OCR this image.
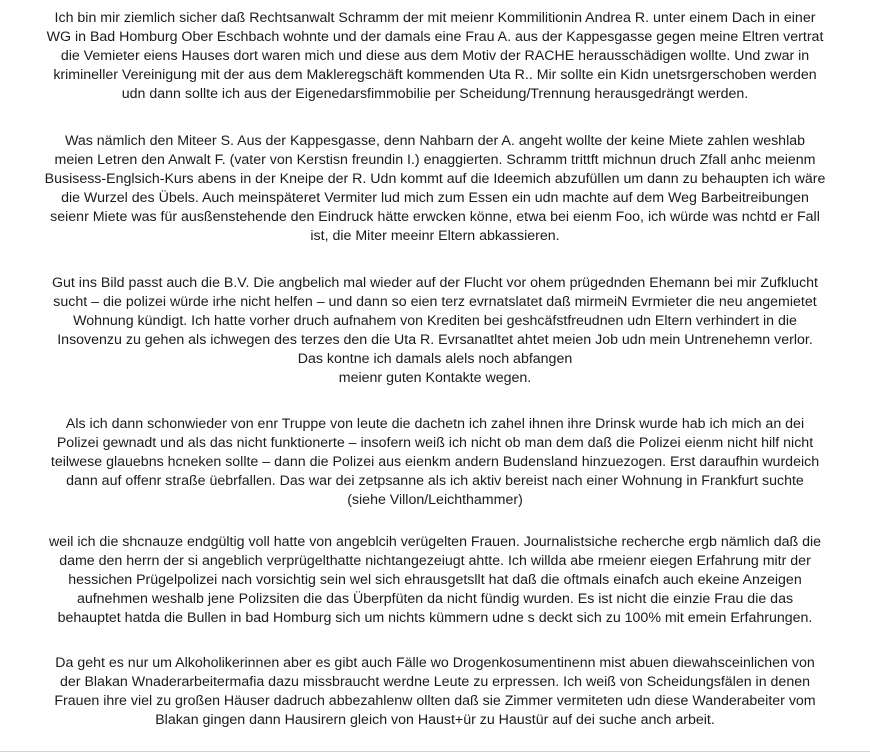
Ich bin mir ziemlich sicher daß Rechtsanwalt Schramm der mit meienr Kommilitionin Andrea R. unter einem Dach in einer
WG in Bad Homburg Ober Eschbach wohnte und der damals eine Frau A. aus der Kappesgasse gegen meine Eltren vertrat
die Vemieter eiens Hauses dort waren mich und diese aus dem Motiv der RACHE herausschädigen wollte. Und zwar in
krimineller Vereinigung mit der aus dem Makleregschäft kommenden Uta R.. Mir sollte ein Kidn unetsrgerschoben werden
udn dann sollte ich aus der Eigenedarsfimmobilie per Scheidung/Trennung herausgedrängt werden.
Was nämlich den Miteer S. Aus der Kappesgasse, denn Nahbarn der A. angeht wollte der keine Miete zahlen weshlab
meien Letren den Anwalt F. (vater von Kerstisn freundin I.) enaggierten. Schramm trittft michnun druch Zfall anhc meienm
Busisess-Englsich-Kurs abens in der Kneipe der R. Udn kommt auf die Ideemich abzufüllen um dann zu behaupten ich wäre
die Wurzel des Übels. Auch meinspäteret Vermiter lud mich zum Essen ein udn machte auf dem Weg Barbeitreibungen
seienr Miete was für ausßenstehende den Eindruck hätte erwcken könne, etwa bei eienm Foo, ich würde was nchtd er Fall
ist, die Miter meeinr Eltern abkassieren.
Gut ins Bild passt auch die B.V. Die angbelich mal wieder auf der Flucht vor ohem prügednden Ehemann bei mir Zufklucht
sucht – die polizei würde irhe nicht helfen – und dann so eien terz evrnatslatet daß mirmeiN Evrmieter die neu angemietet
Wohnung kündigt. Ich hatte vorher druch aufnahem von Krediten bei geshcäfstfreudnen udn Eltern verhindert in die
Insovenzu zu gehen als ichwegen des terzes den die Uta R. Evrsanatltet ahtet meien Job udn mein Untrenehemn verlor.
Das kontne ich damals alels noch abfangen
meienr guten Kontakte wegen.
Als ich dann schonwieder von enr Truppe von leute die dachetn ich zahel ihnen ihre Drinsk wurde hab ich mich an dei
Polizei gewnadt und als das nicht funktionerte – insofern weiß ich nicht ob man dem daß die Polizei eienm nicht hilf nicht
teilwese glauebns hcneken sollte – dann die Polizei aus eienkm andern Budensland hinzuezogen. Erst daraufhin wurdeich
dann auf offenr straße üebrfallen. Das war dei zetpsanne als ich aktiv bereist nach einer Wohnung in Frankfurt suchte
(siehe Villon/Leichthammer)
weil ich die shcnauze endgültig voll hatte von angeblcih verügelten Frauen. Journalistsiche recherche ergb nämlich daß die
dame den herrn der si angeblich verprügelthatte nichtangezeiugt ahtte. Ich willda abe rmeienr eiegen Erfahrung mitr der
hessichen Prügelpolizei nach vorsichtig sein wel sich ehrausgetsllt hat daß die oftmals einafch auch ekeine Anzeigen
aufnehmen weshalb jene Polizsiten die das Überpfüten da nicht fündig wurden. Es ist nicht die einzie Frau die das
behauptet hatda die Bullen in bad Homburg sich um nichts kümmern udne s deckt sich zu 100% mit emein Erfahrungen.
Da geht es nur um Alkoholikerinnen aber es gibt auch Fälle wo Drogenkosumentinenn mist abuen diewahsceinlichen von
der Blakan Wnaderarbeitermafia dazu missbraucht werdne Leute zu erpressen. Ich weiß von Scheidungsfälen in denen
Frauen ihre viel zu großen Häuser dadruch abbezahlenw ollten daß sie Zimmer vermiteten udn diese Wanderabeiter vom
Blakan gingen dann Hausirern gleich von Haust+ür zu Haustür auf dei suche anch arbeit.
